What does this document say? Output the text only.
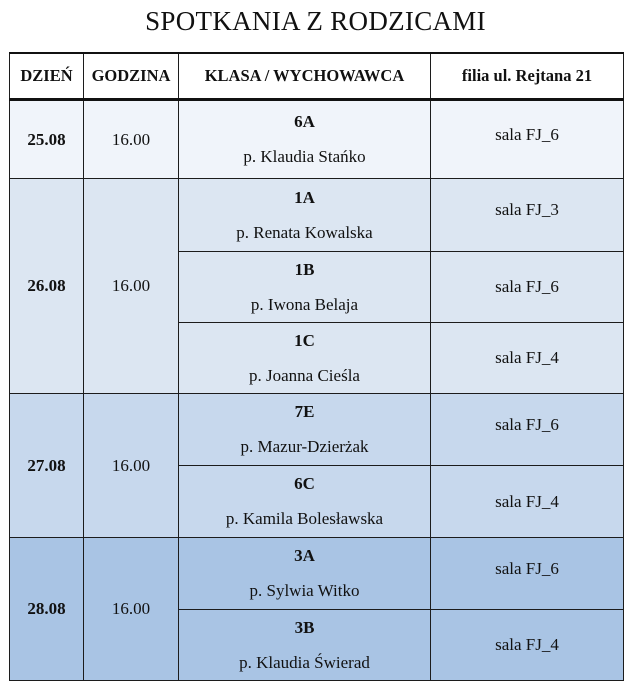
SPOTKANIA Z RODZICAMI
DZIEŃ	GODZINA	KLASA / WYCHOWAWCA	filia ul. Rejtana 21
25.08	16.00	6A
p. Klaudia Stańko	sala FJ_6

26.08	16.00	1A
p. Renata Kowalska	sala FJ_3

		1B
p. Iwona Belaja	sala FJ_6

		1C
p. Joanna Cieśla	sala FJ_4

27.08	16.00	7E
p. Mazur-Dzierżak	sala FJ_6

		6C
p. Kamila Bolesławska	sala FJ_4

28.08	16.00	3A
p. Sylwia Witko	sala FJ_6

		3B
p. Klaudia Świerad	sala FJ_4
